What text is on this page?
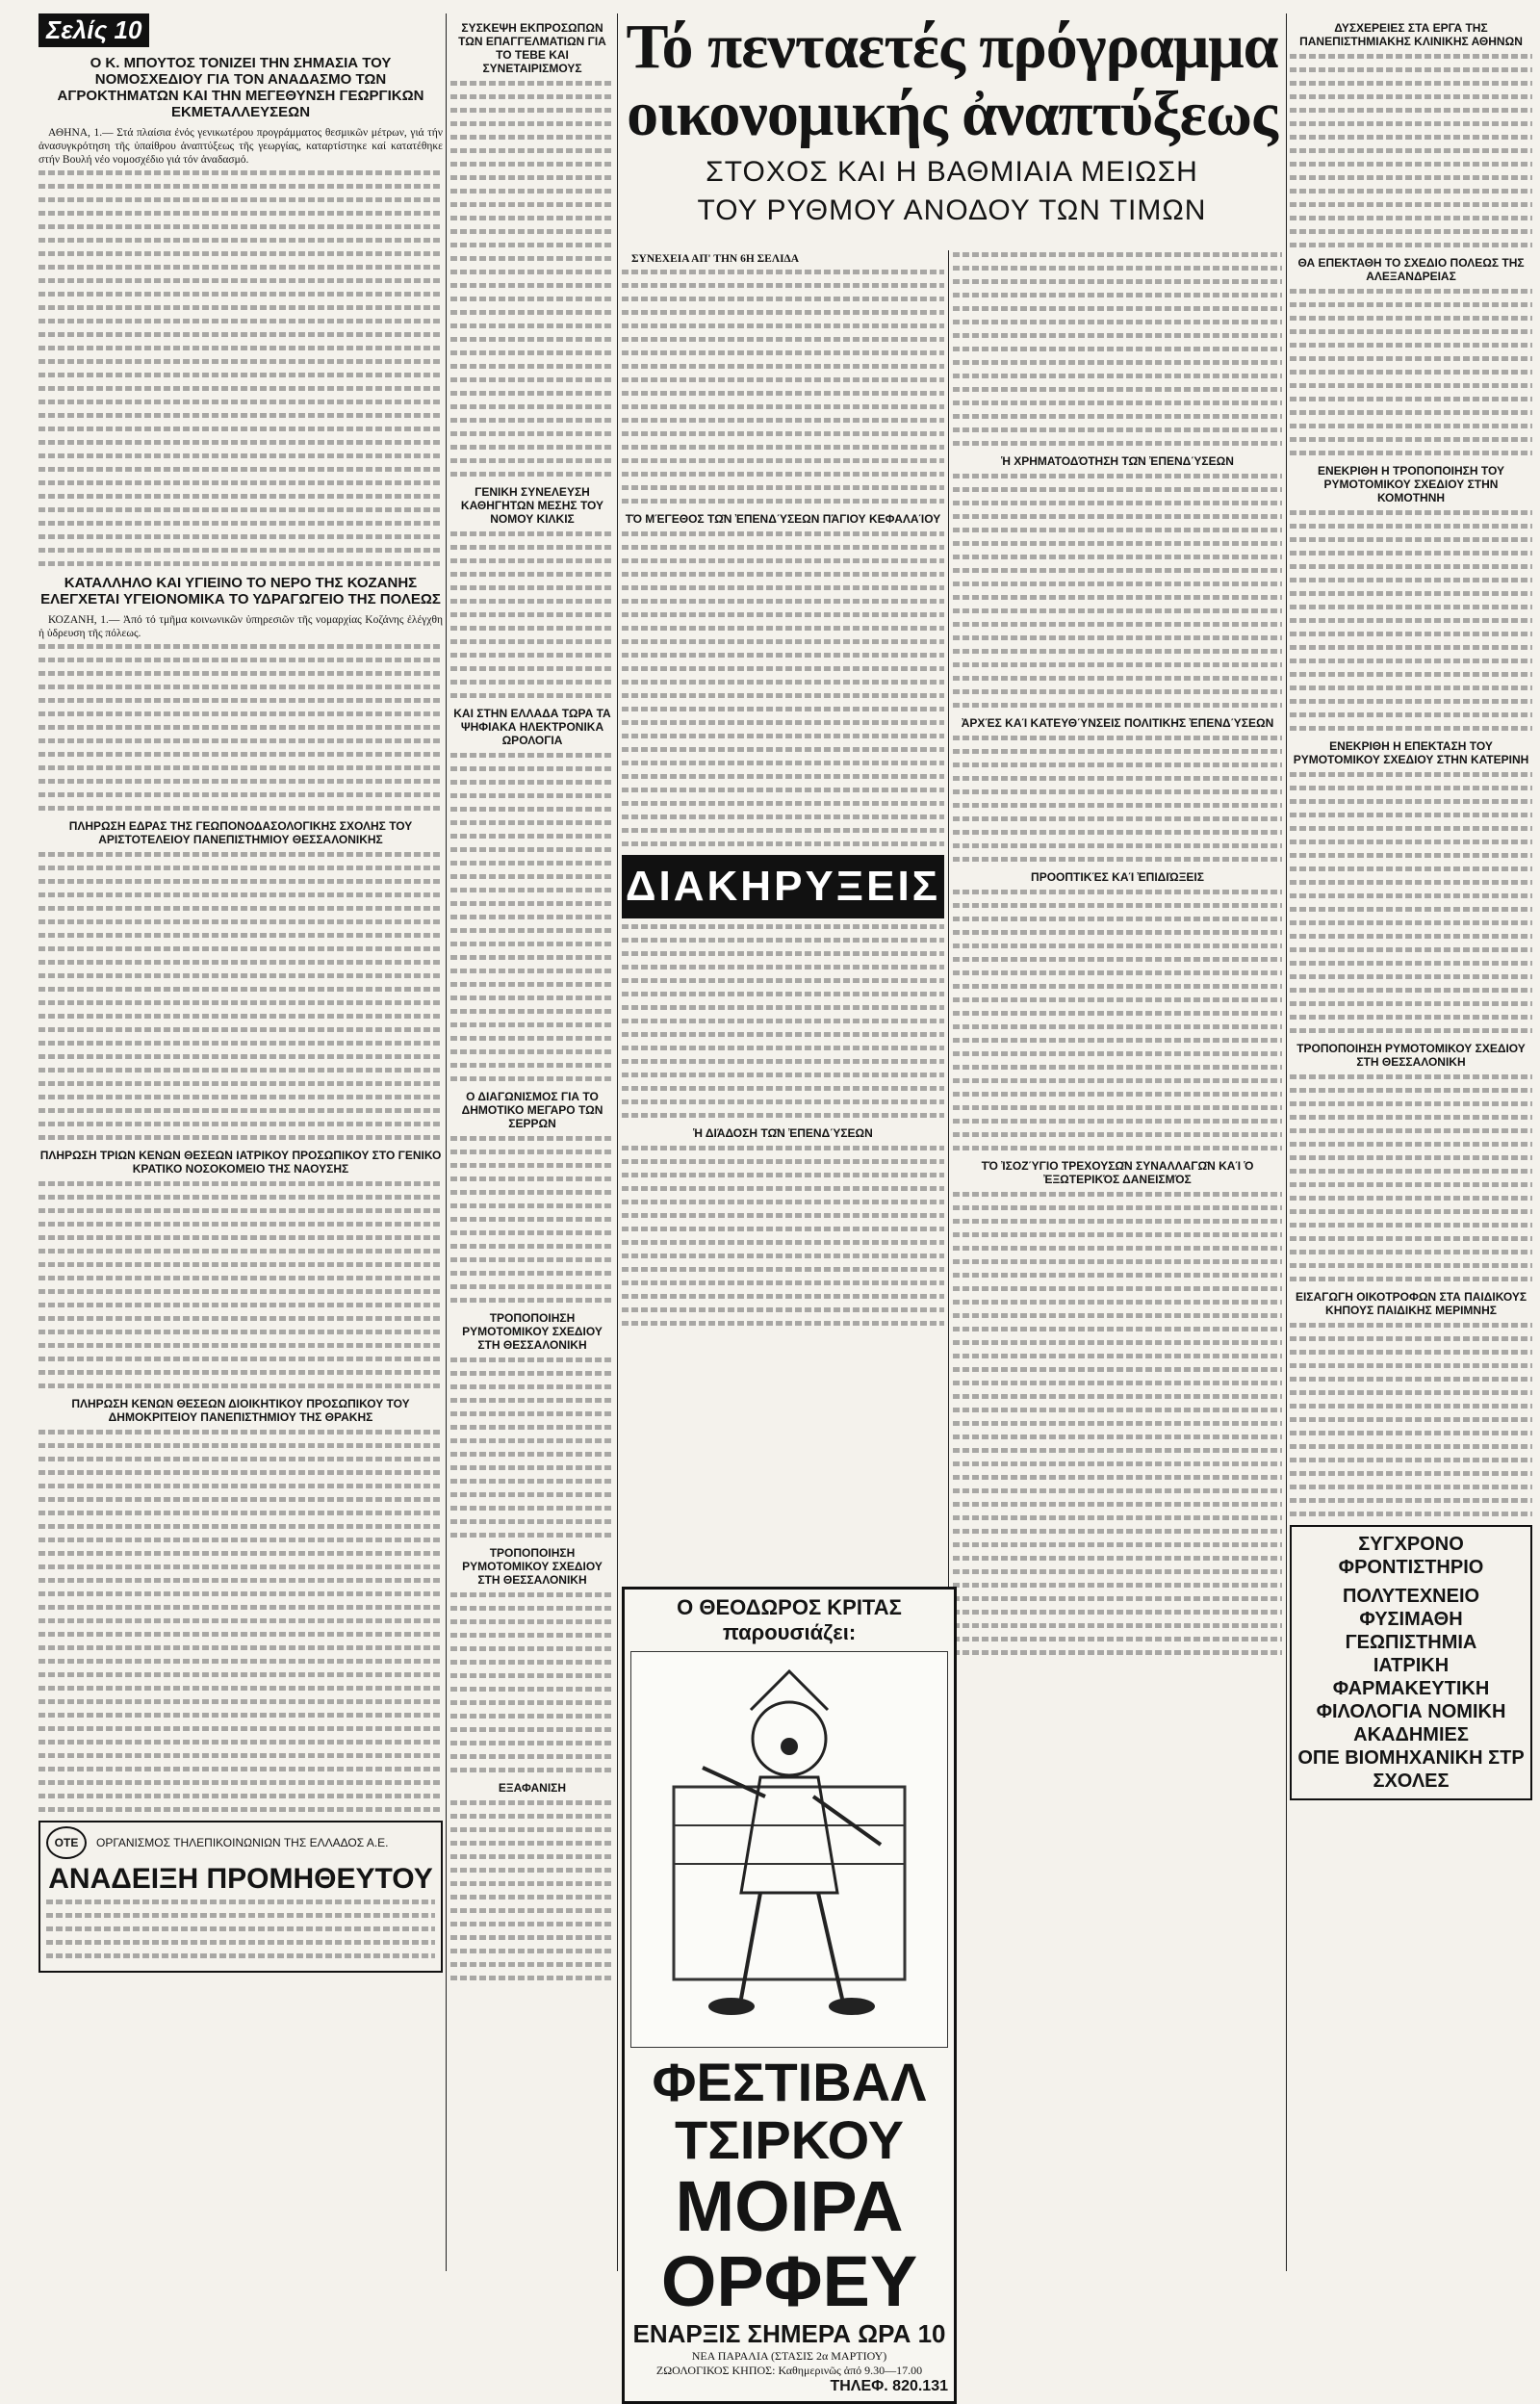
Σελίς 10
Ο Κ. ΜΠΟΥΤΟΣ ΤΟΝΙΖΕΙ ΤΗΝ ΣΗΜΑΣΙΑ ΤΟΥ ΝΟΜΟΣΧΕΔΙΟΥ ΓΙΑ ΤΟΝ ΑΝΑΔΑΣΜΟ ΤΩΝ ΑΓΡΟΚΤΗΜΑΤΩΝ ΚΑΙ ΤΗΝ ΜΕΓΕΘΥΝΣΗ ΓΕΩΡΓΙΚΩΝ ΕΚΜΕΤΑΛΛΕΥΣΕΩΝ

ΑΘΗΝΑ, 1.— Στά πλαίσια ἐνός γενικωτέρου προγράμματος θεσμικῶν μέτρων, γιά τήν ἀνασυγκρότηση τῆς ὑπαίθρου ἀναπτύξεως τῆς γεωργίας, καταρτίστηκε καί κατατέθηκε στήν Βουλή νέο νομοσχέδιο γιά τόν ἀναδασμό.

ΚΑΤΑΛΛΗΛΟ ΚΑΙ ΥΓΙΕΙΝΟ ΤΟ ΝΕΡΟ ΤΗΣ ΚΟΖΑΝΗΣ ΕΛΕΓΧΕΤΑΙ ΥΓΕΙΟΝΟΜΙΚΑ ΤΟ ΥΔΡΑΓΩΓΕΙΟ ΤΗΣ ΠΟΛΕΩΣ

ΚΟΖΑΝΗ, 1.— Ἀπό τό τμῆμα κοινωνικῶν ὑπηρεσιῶν τῆς νομαρχίας Κοζάνης ἐλέγχθη ἡ ὑδρευση τῆς πόλεως.

ΠΛΗΡΩΣΗ ΕΔΡΑΣ ΤΗΣ ΓΕΩΠΟΝΟΔΑΣΟΛΟΓΙΚΗΣ ΣΧΟΛΗΣ ΤΟΥ ΑΡΙΣΤΟΤΕΛΕΙΟΥ ΠΑΝΕΠΙΣΤΗΜΙΟΥ ΘΕΣΣΑΛΟΝΙΚΗΣ
ΠΛΗΡΩΣΗ ΤΡΙΩΝ ΚΕΝΩΝ ΘΕΣΕΩΝ ΙΑΤΡΙΚΟΥ ΠΡΟΣΩΠΙΚΟΥ ΣΤΟ ΓΕΝΙΚΟ ΚΡΑΤΙΚΟ ΝΟΣΟΚΟΜΕΙΟ ΤΗΣ ΝΑΟΥΣΗΣ
ΠΛΗΡΩΣΗ ΚΕΝΩΝ ΘΕΣΕΩΝ ΔΙΟΙΚΗΤΙΚΟΥ ΠΡΟΣΩΠΙΚΟΥ ΤΟΥ ΔΗΜΟΚΡΙΤΕΙΟΥ ΠΑΝΕΠΙΣΤΗΜΙΟΥ ΤΗΣ ΘΡΑΚΗΣ
ΟΤΕ ΟΡΓΑΝΙΣΜΟΣ ΤΗΛΕΠΙΚΟΙΝΩΝΙΩΝ ΤΗΣ ΕΛΛΑΔΟΣ Α.Ε.
ΑΝΑΔΕΙΞΗ ΠΡΟΜΗΘΕΥΤΟΥ
ΣΥΣΚΕΨΗ ΕΚΠΡΟΣΩΠΩΝ ΤΩΝ ΕΠΑΓΓΕΛΜΑΤΙΩΝ ΓΙΑ ΤΟ ΤΕΒΕ ΚΑΙ ΣΥΝΕΤΑΙΡΙΣΜΟΥΣ
ΓΕΝΙΚΗ ΣΥΝΕΛΕΥΣΗ ΚΑΘΗΓΗΤΩΝ ΜΕΣΗΣ ΤΟΥ ΝΟΜΟΥ ΚΙΛΚΙΣ
ΚΑΙ ΣΤΗΝ ΕΛΛΑΔΑ ΤΩΡΑ ΤΑ ΨΗΦΙΑΚΑ ΗΛΕΚΤΡΟΝΙΚΑ ΩΡΟΛΟΓΙΑ
Ο ΔΙΑΓΩΝΙΣΜΟΣ ΓΙΑ ΤΟ ΔΗΜΟΤΙΚΟ ΜΕΓΑΡΟ ΤΩΝ ΣΕΡΡΩΝ
ΤΡΟΠΟΠΟΙΗΣΗ ΡΥΜΟΤΟΜΙΚΟΥ ΣΧΕΔΙΟΥ ΣΤΗ ΘΕΣΣΑΛΟΝΙΚΗ
ΤΡΟΠΟΠΟΙΗΣΗ ΡΥΜΟΤΟΜΙΚΟΥ ΣΧΕΔΙΟΥ ΣΤΗ ΘΕΣΣΑΛΟΝΙΚΗ
ΕΞΑΦΑΝΙΣΗ
Τό πενταετές πρόγραμμα
οικονομικής ἀναπτύξεως
ΣΤΟΧΟΣ ΚΑΙ Η ΒΑΘΜΙΑΙΑ ΜΕΙΩΣΗ
ΤΟΥ ΡΥΘΜΟΥ ΑΝΟΔΟΥ ΤΩΝ ΤΙΜΩΝ

ΣΥΝΕΧΕΙΑ ΑΠ' ΤΗΝ 6Η ΣΕΛΙΔΑ

ΤΌ ΜΈΓΕΘΟΣ ΤΩ͂Ν ἘΠΕΝΔΎΣΕΩΝ ΠΆΓΙΟΥ ΚΕΦΑΛΑΊΟΥ
ΔΙΑΚΗΡΥΞΕΙΣ
Ἡ ΔΙΆΔΟΣΗ ΤΩ͂Ν ἘΠΕΝΔΎΣΕΩΝ
Ἡ ΧΡΗΜΑΤΟΔΌΤΗΣΗ ΤΩ͂Ν ἘΠΕΝΔΎΣΕΩΝ
ἈΡΧΈΣ ΚΑΊ ΚΑΤΕΥΘΎΝΣΕΙΣ ΠΟΛΙΤΙΚΗ͂Σ ἘΠΕΝΔΎΣΕΩΝ
ΠΡΟΟΠΤΙΚΈΣ ΚΑΊ ἘΠΙΔΙΏΞΕΙΣ
ΤΌ ἸΣΟΖΎΓΙΟ ΤΡΕΧΟΥΣΩ͂Ν ΣΥΝΑΛΛΑΓΩ͂Ν ΚΑΊ Ὁ ἘΞΩΤΕΡΙΚΌΣ ΔΑΝΕΙΣΜΌΣ
Ο ΘΕΟΔΩΡΟΣ ΚΡΙΤΑΣ παρουσιάζει:
ΦΕΣΤΙΒΑΛ ΤΣΙΡΚΟΥ
ΜΟΙΡΑ ΟΡΦΕΥ
ΕΝΑΡΞΙΣ ΣΗΜΕΡΑ ΩΡΑ 10
ΝΕΑ ΠΑΡΑΛΙΑ (ΣΤΑΣΙΣ 2α ΜΑΡΤΙΟΥ)
ΖΩΟΛΟΓΙΚΟΣ ΚΗΠΟΣ: Καθημερινῶς ἀπό 9.30—17.00
ΤΗΛΕΦ. 820.131
ΔΥΣΧΕΡΕΙΕΣ ΣΤΑ ΕΡΓΑ ΤΗΣ ΠΑΝΕΠΙΣΤΗΜΙΑΚΗΣ ΚΛΙΝΙΚΗΣ ΑΘΗΝΩΝ
ΘΑ ΕΠΕΚΤΑΘΗ ΤΟ ΣΧΕΔΙΟ ΠΟΛΕΩΣ ΤΗΣ ΑΛΕΞΑΝΔΡΕΙΑΣ
ΕΝΕΚΡΙΘΗ Η ΤΡΟΠΟΠΟΙΗΣΗ ΤΟΥ ΡΥΜΟΤΟΜΙΚΟΥ ΣΧΕΔΙΟΥ ΣΤΗΝ ΚΟΜΟΤΗΝΗ
ΕΝΕΚΡΙΘΗ Η ΕΠΕΚΤΑΣΗ ΤΟΥ ΡΥΜΟΤΟΜΙΚΟΥ ΣΧΕΔΙΟΥ ΣΤΗΝ ΚΑΤΕΡΙΝΗ
ΤΡΟΠΟΠΟΙΗΣΗ ΡΥΜΟΤΟΜΙΚΟΥ ΣΧΕΔΙΟΥ ΣΤΗ ΘΕΣΣΑΛΟΝΙΚΗ
ΕΙΣΑΓΩΓΗ ΟΙΚΟΤΡΟΦΩΝ ΣΤΑ ΠΑΙΔΙΚΟΥΣ ΚΗΠΟΥΣ ΠΑΙΔΙΚΗΣ ΜΕΡΙΜΝΗΣ
ΣΥΓΧΡΟΝΟ ΦΡΟΝΤΙΣΤΗΡΙΟ
ΠΟΛΥΤΕΧΝΕΙΟ ΦΥΣΙΜΑΘΗ ΓΕΩΠΙΣΤΗΜΙΑ
ΙΑΤΡΙΚΗ ΦΑΡΜΑΚΕΥΤΙΚΗ
ΦΙΛΟΛΟΓΙΑ ΝΟΜΙΚΗ ΑΚΑΔΗΜΙΕΣ
ΟΠΕ ΒΙΟΜΗΧΑΝΙΚΗ ΣΤΡ ΣΧΟΛΕΣ
